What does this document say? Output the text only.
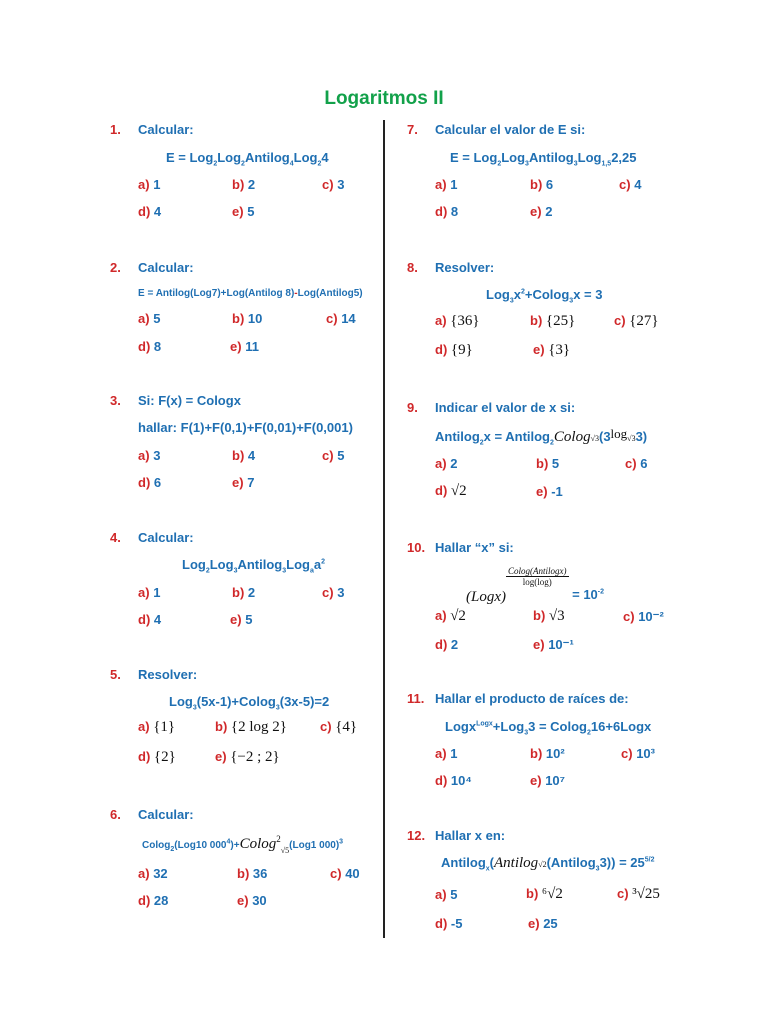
Logaritmos II
1. Calcular:
E = Log$_2$Log$_2$Antilog$_4$Log$_2$4
a) 1	b) 2	c) 3
d) 4	e) 5
2. Calcular:
E = Antilog(Log7)+Log(Antilog 8)-Log(Antilog5)
a) 5	b) 10	c) 14
d) 8	e) 11
3. Si: F(x) = Cologx
hallar: F(1)+F(0,1)+F(0,01)+F(0,001)
a) 3	b) 4	c) 5
d) 6	e) 7
4. Calcular:
$Log_2Log_3Antilog_3Log_aa^2$
a) 1	b) 2	c) 3
d) 4	e) 5
5. Resolver:
Log$_3$(5x-1)+Colog$_3$(3x-5)=2
a) {1}	b) {2 log 2}	c) {4}
d) {2}	e) {−2 ; 2}
6. Calcular:
Colog$_2$(Log10 $000^4)+Colog2_{√5}(Log1$ 000)$^3$
a) 32	b) 36	c) 40
d) 28	e) 30
7. Calcular el valor de E si:
E = Log$_2$Log$_3$Antilog$_3$Log$_{1,5}$2,25
a) 1	b) 6	c) 4
d) 8	e) 2
8. Resolver:
$Log_3x^2+Colog_3x = 3$
a) {36}	b) {25}	c) {27}
d) {9}	e) {3}
9. Indicar el valor de x si:
Antilog$_2$x = Antilog$_2$Colog√3(3log√33)
a) 2	b) 5	c) 6
d) √2	e) -1
10. Hallar “x” si:
(Logx)
$\frac{\text{Colog(Antilogx)}}{\log(\log)}$
= $10^{-2}$
a) √2	b) √3	c) 10⁻²
d) 2	e) 10⁻¹
11. Hallar el producto de raíces de:
Logx$^{Logx}$+Log$_3$3 = Colog$_2$16+6Logx
a) 1	b) 10²	c) 10³
d) 10⁴	e) 10⁷
12. Hallar x en:
Antilog$_x$(Antilog√2(Antilog$_3$3)) = $25^{5/2}$
a) 5	b) ⁶√2	c) ³√25
d) -5	e) 25
